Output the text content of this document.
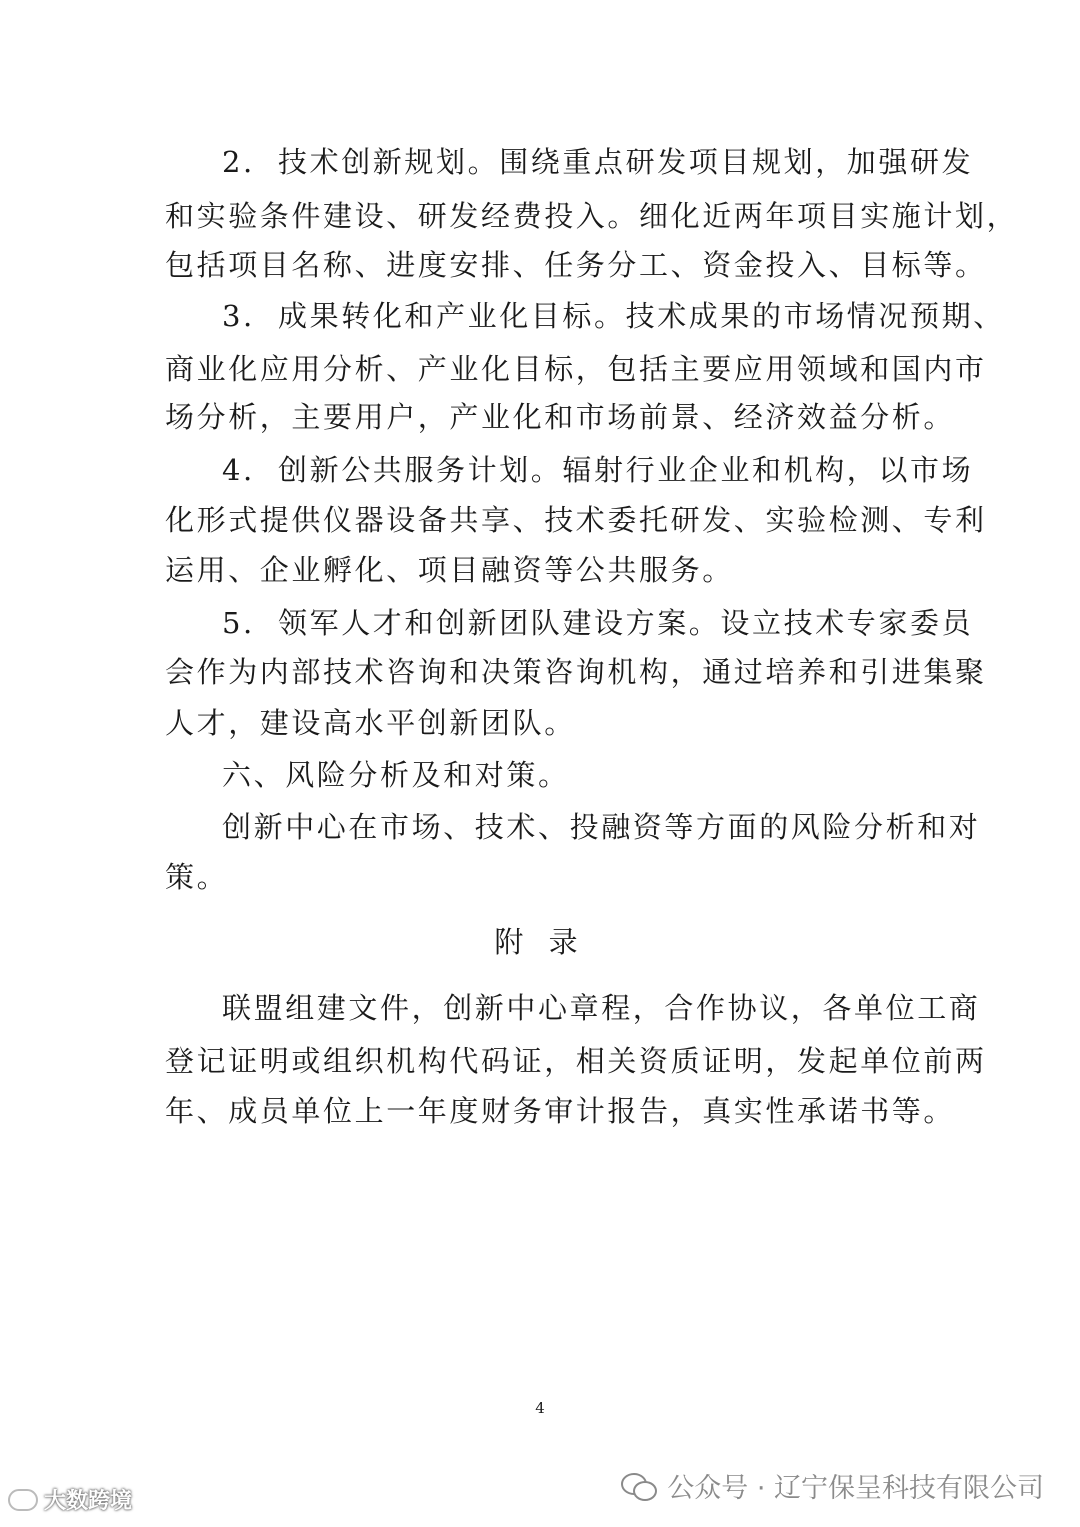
2. 技术创新规划。围绕重点研发项目规划，加强研发
和实验条件建设、研发经费投入。细化近两年项目实施计划，
包括项目名称、进度安排、任务分工、资金投入、目标等。
3. 成果转化和产业化目标。技术成果的市场情况预期、
商业化应用分析、产业化目标，包括主要应用领域和国内市
场分析，主要用户，产业化和市场前景、经济效益分析。
4. 创新公共服务计划。辐射行业企业和机构，以市场
化形式提供仪器设备共享、技术委托研发、实验检测、专利
运用、企业孵化、项目融资等公共服务。
5. 领军人才和创新团队建设方案。设立技术专家委员
会作为内部技术咨询和决策咨询机构，通过培养和引进集聚
人才，建设高水平创新团队。
六、风险分析及和对策。
创新中心在市场、技术、投融资等方面的风险分析和对
策。
附 录
联盟组建文件，创新中心章程，合作协议，各单位工商
登记证明或组织机构代码证，相关资质证明，发起单位前两
年、成员单位上一年度财务审计报告，真实性承诺书等。
4
公众号 · 辽宁保呈科技有限公司
大数跨境
